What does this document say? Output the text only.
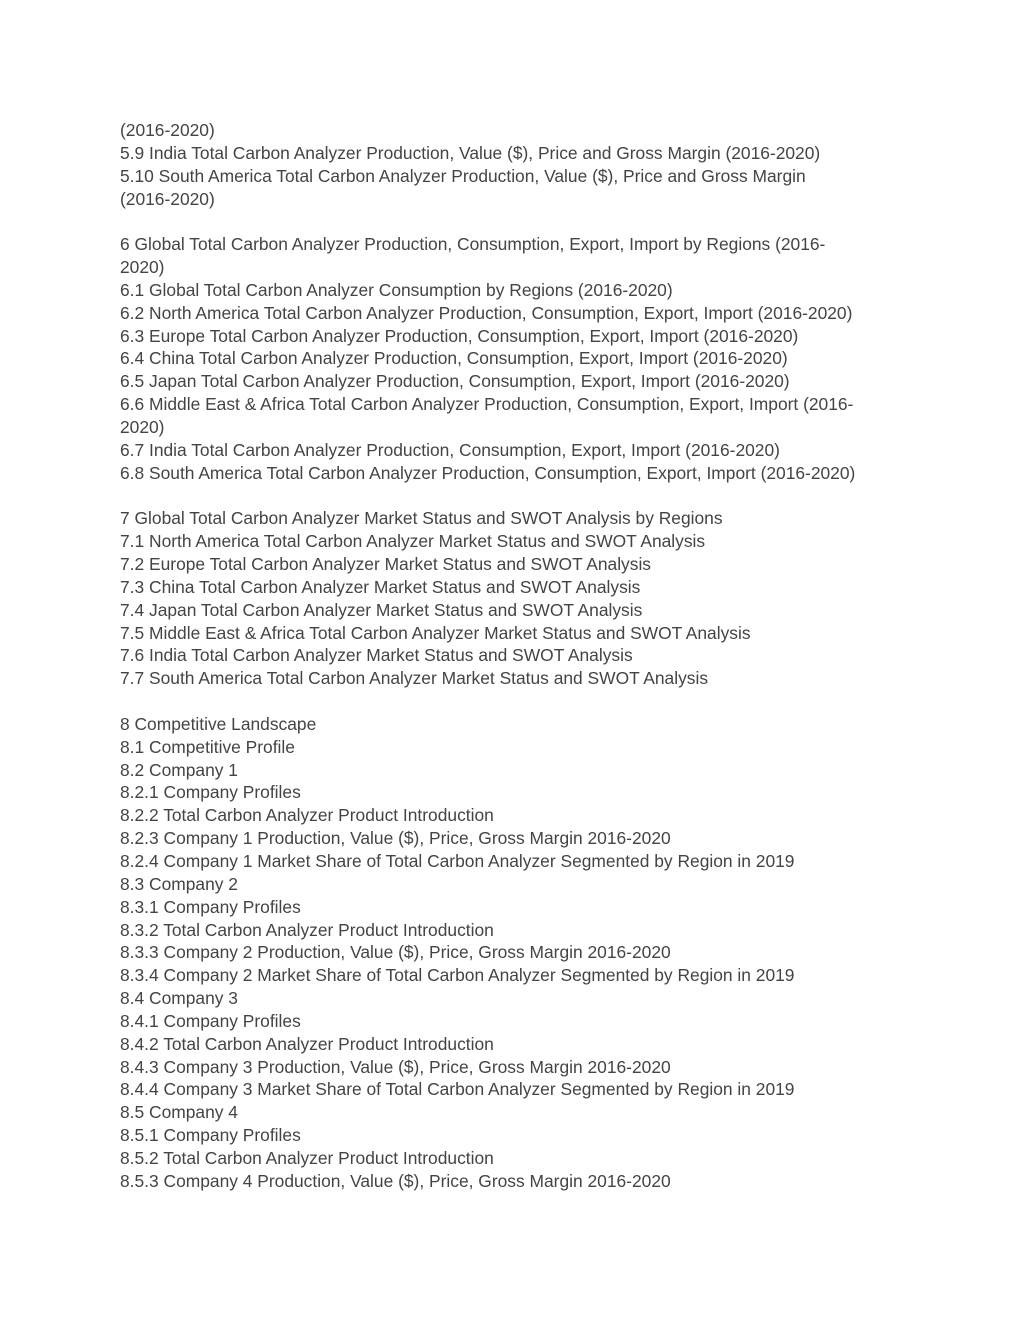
(2016-2020)
5.9 India Total Carbon Analyzer Production, Value ($), Price and Gross Margin (2016-2020)
5.10 South America Total Carbon Analyzer Production, Value ($), Price and Gross Margin
(2016-2020)
6 Global Total Carbon Analyzer Production, Consumption, Export, Import by Regions (2016-
2020)
6.1 Global Total Carbon Analyzer Consumption by Regions (2016-2020)
6.2 North America Total Carbon Analyzer Production, Consumption, Export, Import (2016-2020)
6.3 Europe Total Carbon Analyzer Production, Consumption, Export, Import (2016-2020)
6.4 China Total Carbon Analyzer Production, Consumption, Export, Import (2016-2020)
6.5 Japan Total Carbon Analyzer Production, Consumption, Export, Import (2016-2020)
6.6 Middle East & Africa Total Carbon Analyzer Production, Consumption, Export, Import (2016-
2020)
6.7 India Total Carbon Analyzer Production, Consumption, Export, Import (2016-2020)
6.8 South America Total Carbon Analyzer Production, Consumption, Export, Import (2016-2020)
7 Global Total Carbon Analyzer Market Status and SWOT Analysis by Regions
7.1 North America Total Carbon Analyzer Market Status and SWOT Analysis
7.2 Europe Total Carbon Analyzer Market Status and SWOT Analysis
7.3 China Total Carbon Analyzer Market Status and SWOT Analysis
7.4 Japan Total Carbon Analyzer Market Status and SWOT Analysis
7.5 Middle East & Africa Total Carbon Analyzer Market Status and SWOT Analysis
7.6 India Total Carbon Analyzer Market Status and SWOT Analysis
7.7 South America Total Carbon Analyzer Market Status and SWOT Analysis
8 Competitive Landscape
8.1 Competitive Profile
8.2 Company 1
8.2.1 Company Profiles
8.2.2 Total Carbon Analyzer Product Introduction
8.2.3 Company 1 Production, Value ($), Price, Gross Margin 2016-2020
8.2.4 Company 1 Market Share of Total Carbon Analyzer Segmented by Region in 2019
8.3 Company 2
8.3.1 Company Profiles
8.3.2 Total Carbon Analyzer Product Introduction
8.3.3 Company 2 Production, Value ($), Price, Gross Margin 2016-2020
8.3.4 Company 2 Market Share of Total Carbon Analyzer Segmented by Region in 2019
8.4 Company 3
8.4.1 Company Profiles
8.4.2 Total Carbon Analyzer Product Introduction
8.4.3 Company 3 Production, Value ($), Price, Gross Margin 2016-2020
8.4.4 Company 3 Market Share of Total Carbon Analyzer Segmented by Region in 2019
8.5 Company 4
8.5.1 Company Profiles
8.5.2 Total Carbon Analyzer Product Introduction
8.5.3 Company 4 Production, Value ($), Price, Gross Margin 2016-2020
